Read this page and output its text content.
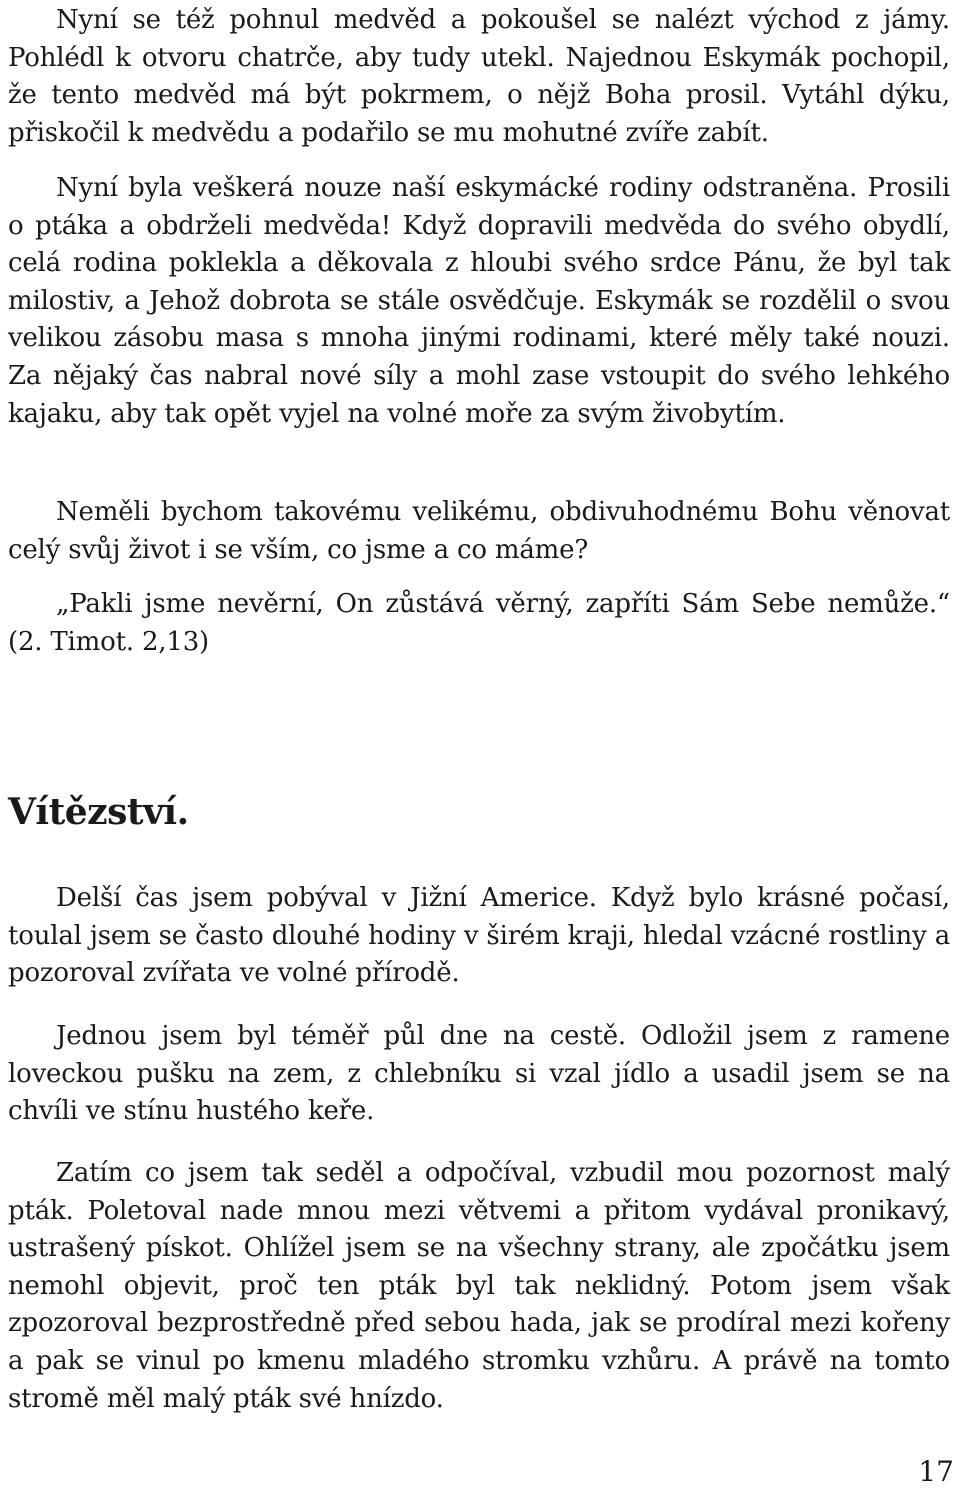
Nyní se též pohnul medvěd a pokoušel se nalézt východ z jámy. Pohlédl k otvoru chatrče, aby tudy utekl. Najednou Eskymák pochopil, že tento medvěd má být pokrmem, o nějž Boha prosil. Vytáhl dýku, přiskočil k medvědu a podařilo se mu mohutné zvíře zabít.

Nyní byla veškerá nouze naší eskymácké rodiny odstraněna. Prosili o ptáka a obdrželi medvěda! Když dopravili medvěda do svého obydlí, celá rodina poklekla a děkovala z hloubi svého srdce Pánu, že byl tak milostiv, a Jehož dobrota se stále osvědčuje. Eskymák se rozdělil o svou velikou zásobu masa s mnoha jinými rodinami, které měly také nouzi. Za nějaký čas nabral nové síly a mohl zase vstoupit do svého lehkého kajaku, aby tak opět vyjel na volné moře za svým živobytím.

Neměli bychom takovému velikému, obdivuhodnému Bohu věnovat celý svůj život i se vším, co jsme a co máme?

„Pakli jsme nevěrní, On zůstává věrný, zapříti Sám Sebe nemůže.“ (2. Timot. 2,13)

Vítězství.

Delší čas jsem pobýval v Jižní Americe. Když bylo krásné počasí, toulal jsem se často dlouhé hodiny v širém kraji, hledal vzácné rostliny a pozoroval zvířata ve volné přírodě.

Jednou jsem byl téměř půl dne na cestě. Odložil jsem z ramene loveckou pušku na zem, z chlebníku si vzal jídlo a usadil jsem se na chvíli ve stínu hustého keře.

Zatím co jsem tak seděl a odpočíval, vzbudil mou pozornost malý pták. Poletoval nade mnou mezi větvemi a přitom vydával pronikavý, ustrašený pískot. Ohlížel jsem se na všechny strany, ale zpočátku jsem nemohl objevit, proč ten pták byl tak neklidný. Potom jsem však zpozoroval bezprostředně před sebou hada, jak se prodíral mezi kořeny a pak se vinul po kmenu mladého stromku vzhůru. A právě na tomto stromě měl malý pták své hnízdo.

17
